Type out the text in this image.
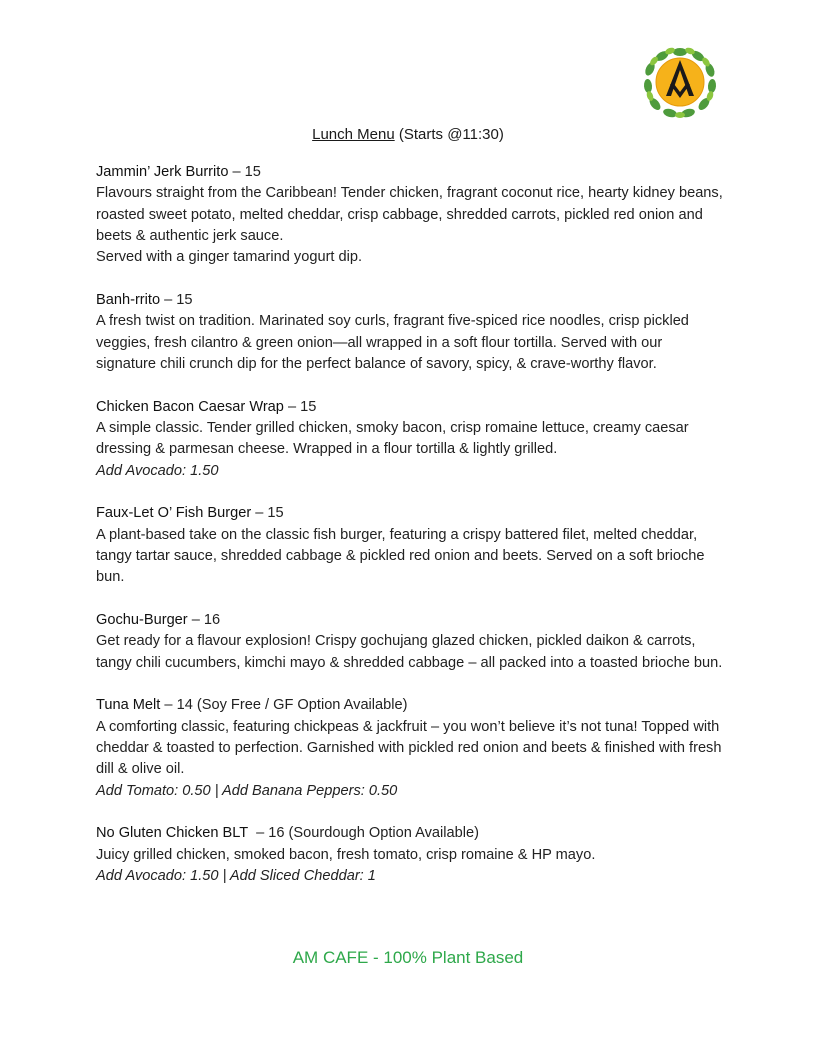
Lunch Menu (Starts @11:30)

Jammin’ Jerk Burrito – 15

Flavours straight from the Caribbean! Tender chicken, fragrant coconut rice, hearty kidney beans, roasted sweet potato, melted cheddar, crisp cabbage, shredded carrots, pickled red onion and beets & authentic jerk sauce.

Served with a ginger tamarind yogurt dip.

Banh-rrito – 15

A fresh twist on tradition. Marinated soy curls, fragrant five-spiced rice noodles, crisp pickled veggies, fresh cilantro & green onion—all wrapped in a soft flour tortilla. Served with our signature chili crunch dip for the perfect balance of savory, spicy, & crave-worthy flavor.

Chicken Bacon Caesar Wrap – 15

A simple classic. Tender grilled chicken, smoky bacon, crisp romaine lettuce, creamy caesar dressing & parmesan cheese. Wrapped in a flour tortilla & lightly grilled.

Add Avocado: 1.50

Faux-Let O’ Fish Burger – 15

A plant-based take on the classic fish burger, featuring a crispy battered filet, melted cheddar, tangy tartar sauce, shredded cabbage & pickled red onion and beets. Served on a soft brioche bun.

Gochu-Burger – 16

Get ready for a flavour explosion! Crispy gochujang glazed chicken, pickled daikon & carrots, tangy chili cucumbers, kimchi mayo & shredded cabbage – all packed into a toasted brioche bun.

Tuna Melt – 14 (Soy Free / GF Option Available)

A comforting classic, featuring chickpeas & jackfruit – you won’t believe it’s not tuna! Topped with cheddar & toasted to perfection. Garnished with pickled red onion and beets & finished with fresh dill & olive oil.

Add Tomato: 0.50 | Add Banana Peppers: 0.50

No Gluten Chicken BLT  – 16 (Sourdough Option Available)

Juicy grilled chicken, smoked bacon, fresh tomato, crisp romaine & HP mayo.

Add Avocado: 1.50 | Add Sliced Cheddar: 1

AM CAFE - 100% Plant Based
